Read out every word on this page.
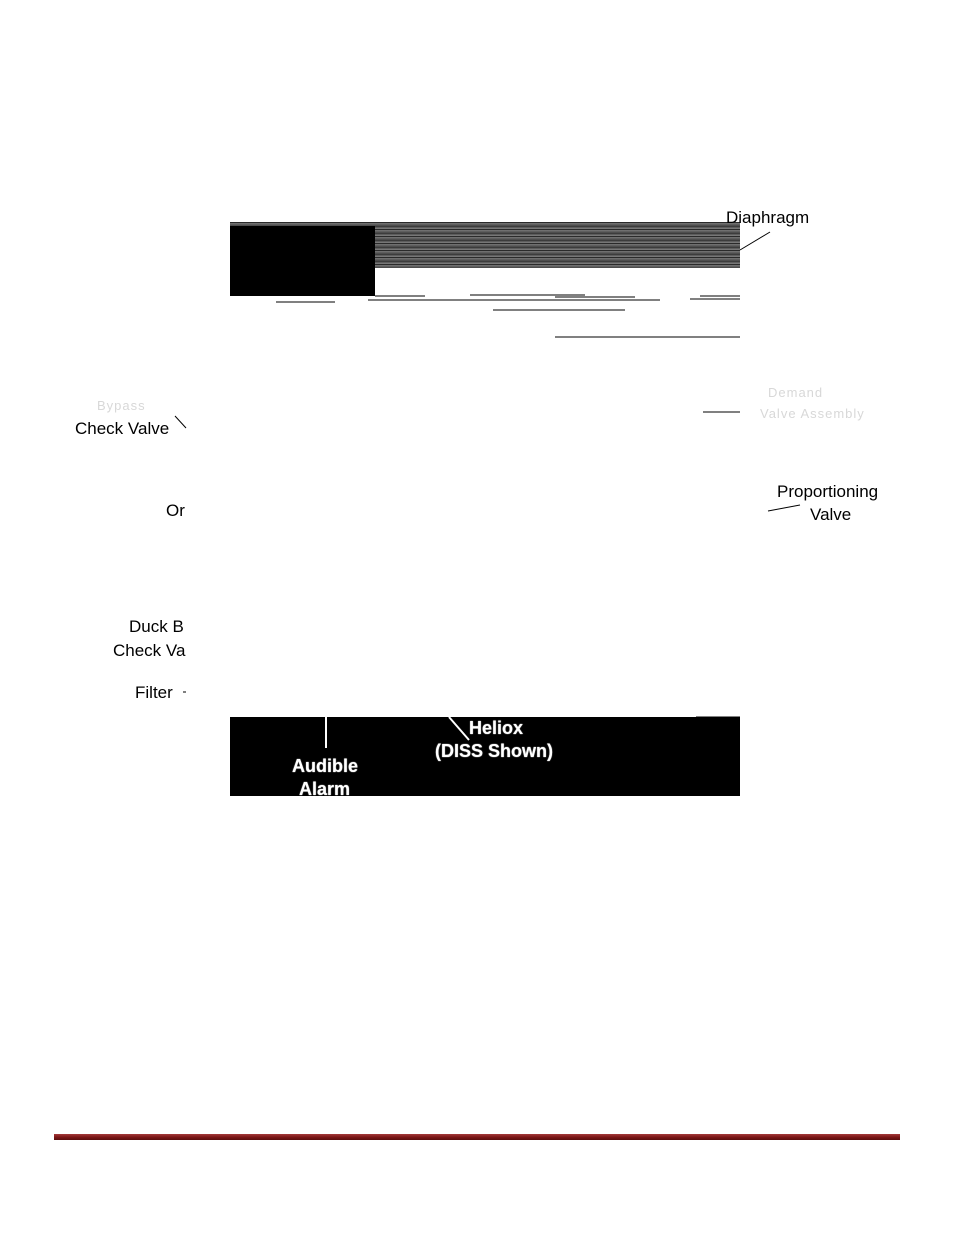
Diaphragm
Bypass
Check Valve
Demand
Valve Assembly
Proportioning
Valve
Or
Duck B
Check Va
Filter
Heliox
(DISS Shown)
Audible
Alarm
